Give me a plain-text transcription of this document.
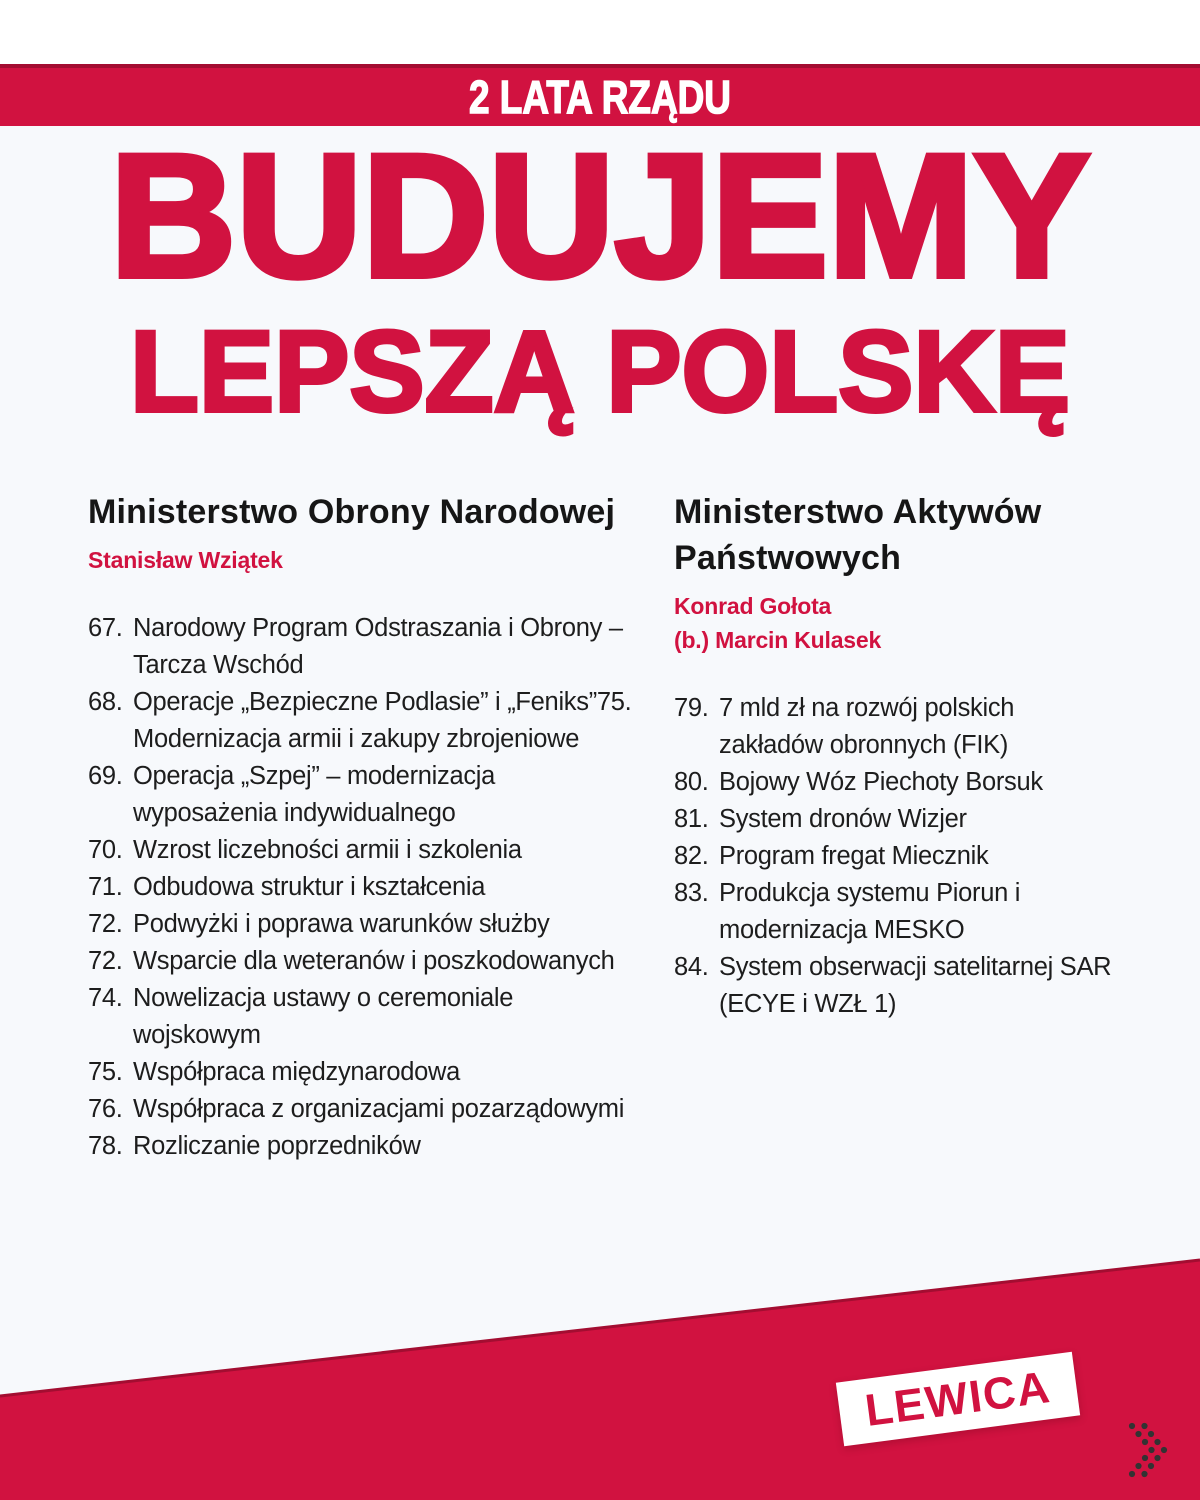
2 LATA RZĄDU
BUDUJEMY
LEPSZĄ POLSKĘ
Ministerstwo Obrony Narodowej
Stanisław Wziątek
67. Narodowy Program Odstraszania i Obrony – Tarcza Wschód
68. Operacje „Bezpieczne Podlasie” i „Feniks”75. Modernizacja armii i zakupy zbrojeniowe
69. Operacja „Szpej” – modernizacja wyposażenia indywidualnego
70. Wzrost liczebności armii i szkolenia
71. Odbudowa struktur i kształcenia
72. Podwyżki i poprawa warunków służby
72. Wsparcie dla weteranów i poszkodowanych
74. Nowelizacja ustawy o ceremoniale wojskowym
75. Współpraca międzynarodowa
76. Współpraca z organizacjami pozarządowymi
78. Rozliczanie poprzedników
Ministerstwo Aktywów Państwowych
Konrad Gołota
(b.) Marcin Kulasek
79. 7 mld zł na rozwój polskich zakładów obronnych (FIK)
80. Bojowy Wóz Piechoty Borsuk
81. System dronów Wizjer
82. Program fregat Miecznik
83. Produkcja systemu Piorun i modernizacja MESKO
84. System obserwacji satelitarnej SAR (ECYE i WZŁ 1)
LEWICA
